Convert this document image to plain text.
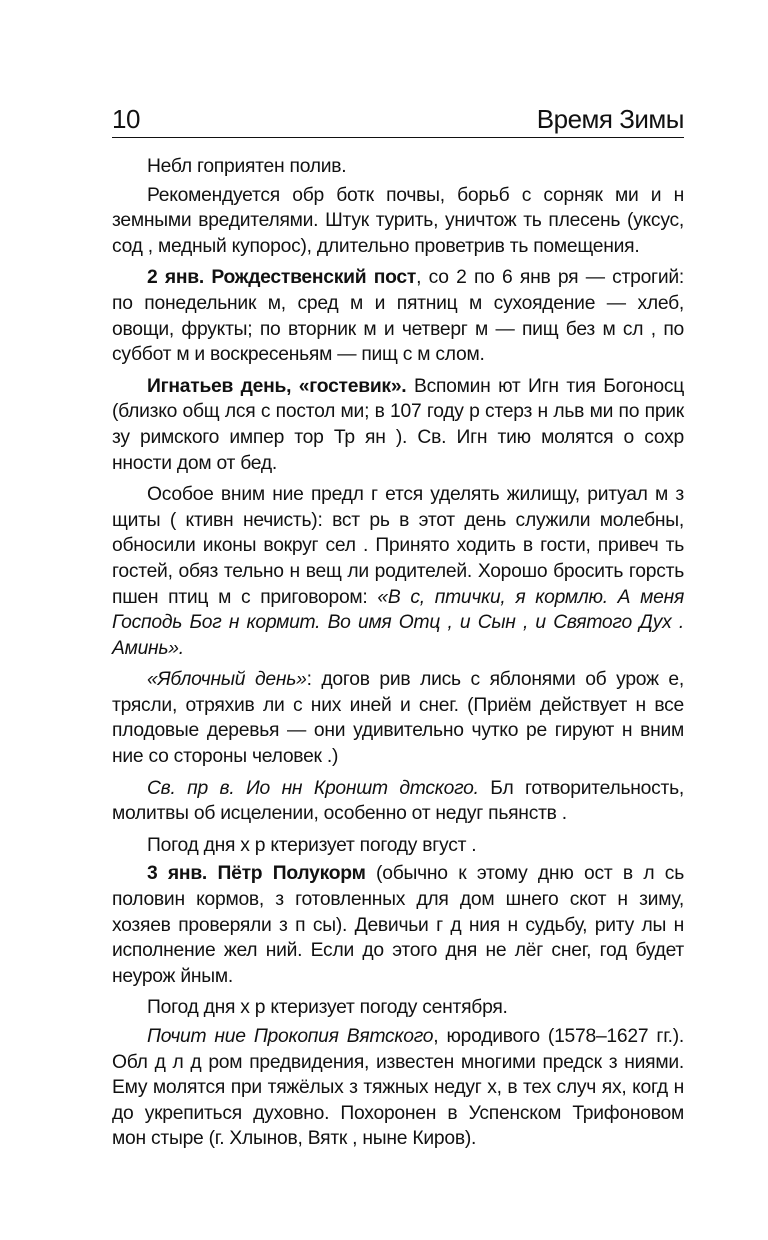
10	Время Зимы

Небл гоприятен полив.

Рекомендуется обр ботк почвы, борьб с сорняк ми и н земными вредителями. Штук турить, уничтож ть плесень (уксус, сод , медный купорос), длительно проветрив ть помещения.

2 янв. Рождественский пост, со 2 по 6 янв ря — строгий: по понедельник м, сред м и пятниц м сухоядение — хлеб, овощи, фрукты; по вторник м и четверг м — пищ без м сл , по суббот м и воскресеньям — пищ с м слом.

Игнатьев день, «гостевик». Вспомин ют Игн тия Богоносц (близко общ лся с постол ми; в 107 году р стерз н льв ми по прик зу римского импер тор Тр ян ). Св. Игн тию молятся о сохр нности дом от бед.

Особое вним ние предл г ется уделять жилищу, ритуал м з щиты ( ктивн нечисть): вст рь в этот день служили молебны, обносили иконы вокруг сел . Принято ходить в гости, привеч ть гостей, обяз тельно н вещ ли родителей. Хорошо бросить горсть пшен птиц м с приговором: «В с, птички, я кормлю. А меня Господь Бог н кормит. Во имя Отц , и Сын , и Святого Дух . Аминь».

«Яблочный день»: догов рив лись с яблонями об урож е, трясли, отряхив ли с них иней и снег. (Приём действует н все плодовые деревья — они удивительно чутко ре гируют н вним ние со стороны человек .)

Св. пр в. Ио нн Кроншт дтского. Бл готворительность, молитвы об исцелении, особенно от недуг пьянств .

Погод дня х р ктеризует погоду вгуст .

3 янв. Пётр Полукорм (обычно к этому дню ост в л сь половин кормов, з готовленных для дом шнего скот н зиму, хозяев проверяли з п сы). Девичьи г д ния н судьбу, риту лы н исполнение жел ний. Если до этого дня не лёг снег, год будет неурож йным.

Погод дня х р ктеризует погоду сентября.

Почит ние Прокопия Вятского, юродивого (1578–1627 гг.). Обл д л д ром предвидения, известен многими предск з ниями. Ему молятся при тяжёлых з тяжных недуг х, в тех случ ях, когд н до укрепиться духовно. Похоронен в Успенском Трифоновом мон стыре (г. Хлынов, Вятк , ныне Киров).
